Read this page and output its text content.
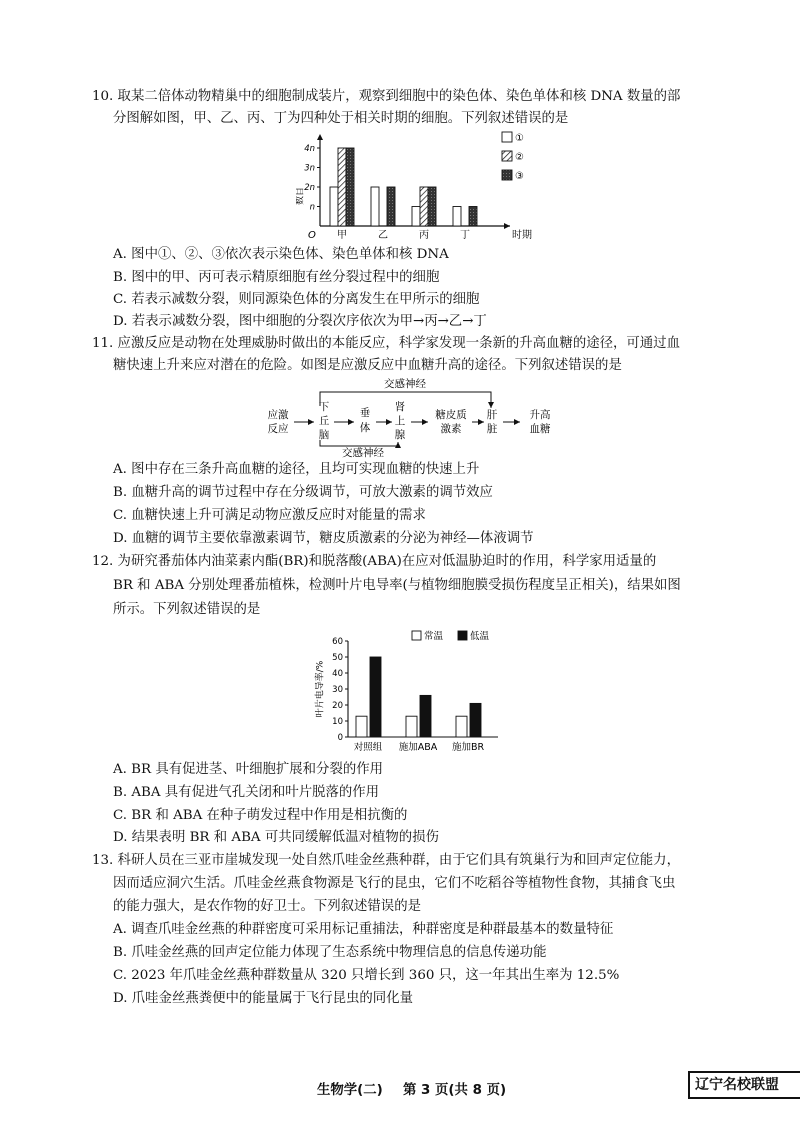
10. 取某二倍体动物精巢中的细胞制成装片，观察到细胞中的染色体、染色单体和核 DNA 数量的部
分图解如图，甲、乙、丙、丁为四种处于相关时期的细胞。下列叙述错误的是
O
n
2n
3n
4n
数目
甲	乙	丙	丁	时期
①
②
③
A. 图中①、②、③依次表示染色体、染色单体和核 DNA
B. 图中的甲、丙可表示精原细胞有丝分裂过程中的细胞
C. 若表示减数分裂，则同源染色体的分离发生在甲所示的细胞
D. 若表示减数分裂，图中细胞的分裂次序依次为甲→丙→乙→丁
11. 应激反应是动物在处理威胁时做出的本能反应，科学家发现一条新的升高血糖的途径，可通过血
糖快速上升来应对潜在的危险。如图是应激反应中血糖升高的途径。下列叙述错误的是
交感神经
交感神经
应激
反应
下
丘
脑
垂
体
肾
上
腺
糖皮质
激素
肝
脏
升高
血糖
A. 图中存在三条升高血糖的途径，且均可实现血糖的快速上升
B. 血糖升高的调节过程中存在分级调节，可放大激素的调节效应
C. 血糖快速上升可满足动物应激反应时对能量的需求
D. 血糖的调节主要依靠激素调节，糖皮质激素的分泌为神经—体液调节
12. 为研究番茄体内油菜素内酯(BR)和脱落酸(ABA)在应对低温胁迫时的作用，科学家用适量的
BR 和 ABA 分别处理番茄植株，检测叶片电导率(与植物细胞膜受损伤程度呈正相关)，结果如图
所示。下列叙述错误的是
0
10
20
30
40
50
60
叶片电导率/%
对照组 施加ABA 施加BR
常温	低温
A. BR 具有促进茎、叶细胞扩展和分裂的作用
B. ABA 具有促进气孔关闭和叶片脱落的作用
C. BR 和 ABA 在种子萌发过程中作用是相抗衡的
D. 结果表明 BR 和 ABA 可共同缓解低温对植物的损伤
13. 科研人员在三亚市崖城发现一处自然爪哇金丝燕种群，由于它们具有筑巢行为和回声定位能力，
因而适应洞穴生活。爪哇金丝燕食物源是飞行的昆虫，它们不吃稻谷等植物性食物，其捕食飞虫
的能力强大，是农作物的好卫士。下列叙述错误的是
A. 调查爪哇金丝燕的种群密度可采用标记重捕法，种群密度是种群最基本的数量特征
B. 爪哇金丝燕的回声定位能力体现了生态系统中物理信息的信息传递功能
C. 2023 年爪哇金丝燕种群数量从 320 只增长到 360 只，这一年其出生率为 12.5%
D. 爪哇金丝燕粪便中的能量属于飞行昆虫的同化量
生物学(二) 第 3 页(共 8 页)	辽宁名校联盟
